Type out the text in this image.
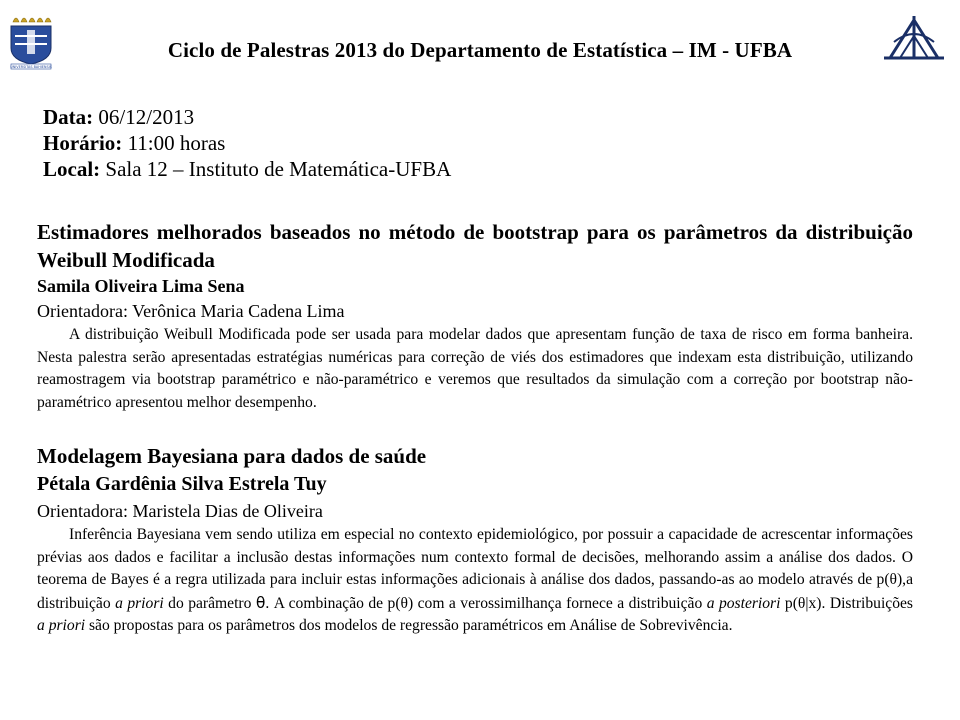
UNIVERSITAS BAHIENSIS
Ciclo de Palestras 2013 do Departamento de Estatística – IM - UFBA
Data: 06/12/2013
Horário: 11:00 horas
Local: Sala 12 – Instituto de Matemática-UFBA
Estimadores melhorados baseados no método de bootstrap para os parâmetros da distribuição Weibull Modificada
Samila Oliveira Lima Sena
Orientadora: Verônica Maria Cadena Lima
A distribuição Weibull Modificada pode ser usada para modelar dados que apresentam função de taxa de risco em forma banheira. Nesta palestra serão apresentadas estratégias numéricas para correção de viés dos estimadores que indexam esta distribuição, utilizando reamostragem via bootstrap paramétrico e não-paramétrico e veremos que resultados da simulação com a correção por bootstrap não-paramétrico apresentou melhor desempenho.
Modelagem Bayesiana para dados de saúde
Pétala Gardênia Silva Estrela Tuy
Orientadora: Maristela Dias de Oliveira
Inferência Bayesiana vem sendo utiliza em especial no contexto epidemiológico, por possuir a capacidade de acrescentar informações prévias aos dados e facilitar a inclusão destas informações num contexto formal de decisões, melhorando assim a análise dos dados. O teorema de Bayes é a regra utilizada para incluir estas informações adicionais à análise dos dados, passando-as ao modelo através de p(θ),a distribuição a priori do parâmetro θ. A combinação de p(θ) com a verossimilhança fornece a distribuição a posteriori p(θ|x). Distribuições a priori são propostas para os parâmetros dos modelos de regressão paramétricos em Análise de Sobrevivência.
